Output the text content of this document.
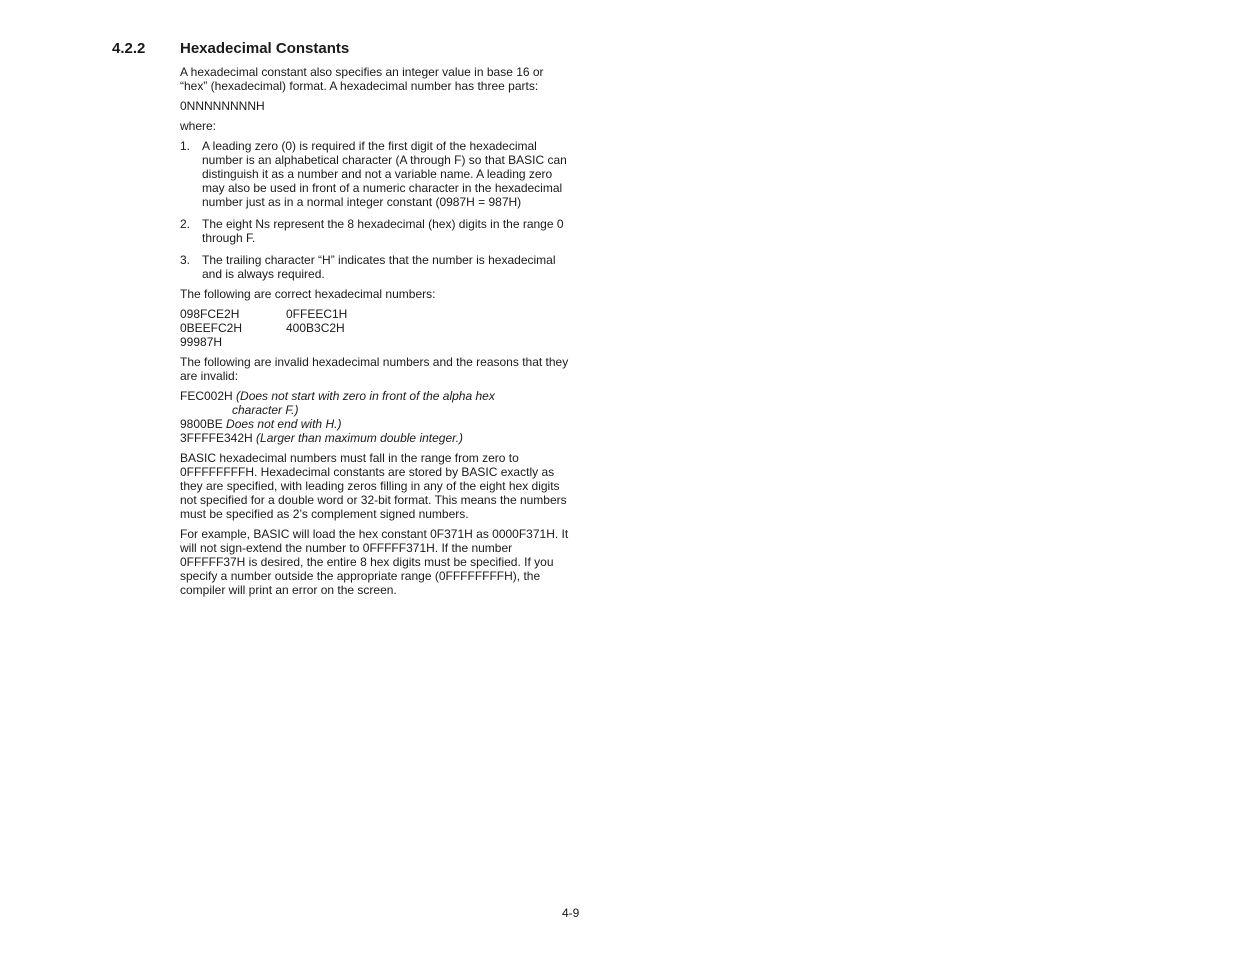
4.2.2 Hexadecimal Constants

A hexadecimal constant also specifies an integer value in base 16 or “hex” (hexadecimal) format. A hexadecimal number has three parts:

0NNNNNNNNH

where:

1. A leading zero (0) is required if the first digit of the hexadecimal number is an alphabetical character (A through F) so that BASIC can distinguish it as a number and not a variable name. A leading zero may also be used in front of a numeric character in the hexadecimal number just as in a normal integer constant (0987H = 987H)
2. The eight Ns represent the 8 hexadecimal (hex) digits in the range 0 through F.
3. The trailing character “H” indicates that the number is hexadecimal and is always required.

The following are correct hexadecimal numbers:

098FCE2H	0FFEEC1H
0BEEFC2H	400B3C2H
99987H

The following are invalid hexadecimal numbers and the reasons that they are invalid:

FEC002H (Does not start with zero in front of the alpha hex

character F.)

9800BE Does not end with H.)

3FFFFE342H (Larger than maximum double integer.)

BASIC hexadecimal numbers must fall in the range from zero to 0FFFFFFFFH. Hexadecimal constants are stored by BASIC exactly as they are specified, with leading zeros filling in any of the eight hex digits not specified for a double word or 32-bit format. This means the numbers must be specified as 2’s complement signed numbers.

For example, BASIC will load the hex constant 0F371H as 0000F371H. It will not sign-extend the number to 0FFFFF371H. If the number 0FFFFF37H is desired, the entire 8 hex digits must be specified. If you specify a number outside the appropriate range (0FFFFFFFFH), the compiler will print an error on the screen.

4-9
